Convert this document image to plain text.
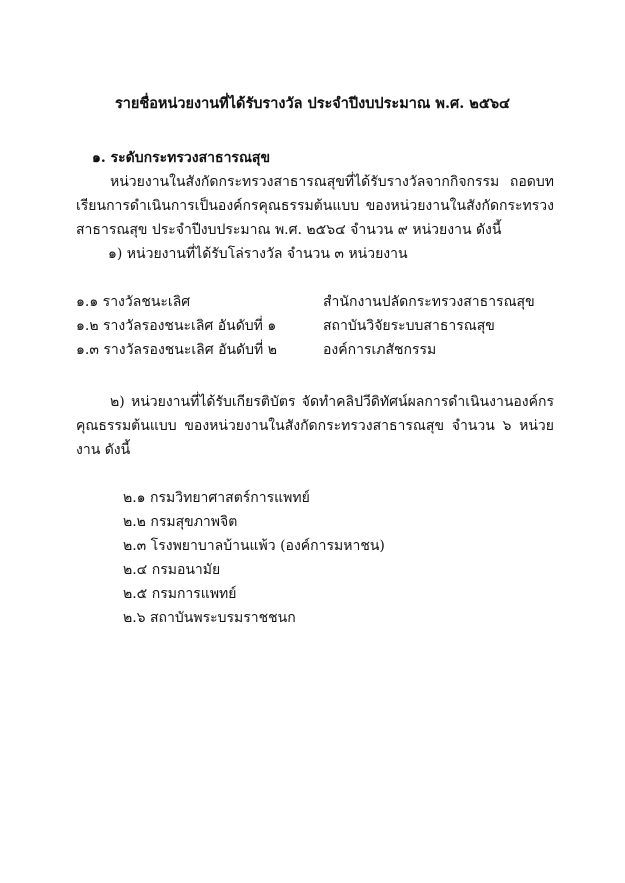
รายชื่อหน่วยงานที่ได้รับรางวัล ประจำปีงบประมาณ พ.ศ. ๒๕๖๔
๑. ระดับกระทรวงสาธารณสุข
หน่วยงานในสังกัดกระทรวงสาธารณสุขที่ได้รับรางวัลจากกิจกรรม ถอดบทเรียนการดำเนินการเป็นองค์กรคุณธรรมต้นแบบ ของหน่วยงานในสังกัดกระทรวงสาธารณสุข ประจำปีงบประมาณ พ.ศ. ๒๕๖๔ จำนวน ๙ หน่วยงาน ดังนี้
๑) หน่วยงานที่ได้รับโล่รางวัล จำนวน ๓ หน่วยงาน
๑.๑ รางวัลชนะเลิศ	สำนักงานปลัดกระทรวงสาธารณสุข
๑.๒ รางวัลรองชนะเลิศ อันดับที่ ๑	สถาบันวิจัยระบบสาธารณสุข
๑.๓ รางวัลรองชนะเลิศ อันดับที่ ๒	องค์การเภสัชกรรม
๒) หน่วยงานที่ได้รับเกียรติบัตร จัดทำคลิปวีดิทัศน์ผลการดำเนินงานองค์กรคุณธรรมต้นแบบ ของหน่วยงานในสังกัดกระทรวงสาธารณสุข จำนวน ๖ หน่วยงาน ดังนี้
๒.๑ กรมวิทยาศาสตร์การแพทย์
๒.๒ กรมสุขภาพจิต
๒.๓ โรงพยาบาลบ้านแพ้ว (องค์การมหาชน)
๒.๔ กรมอนามัย
๒.๕ กรมการแพทย์
๒.๖ สถาบันพระบรมราชชนก
